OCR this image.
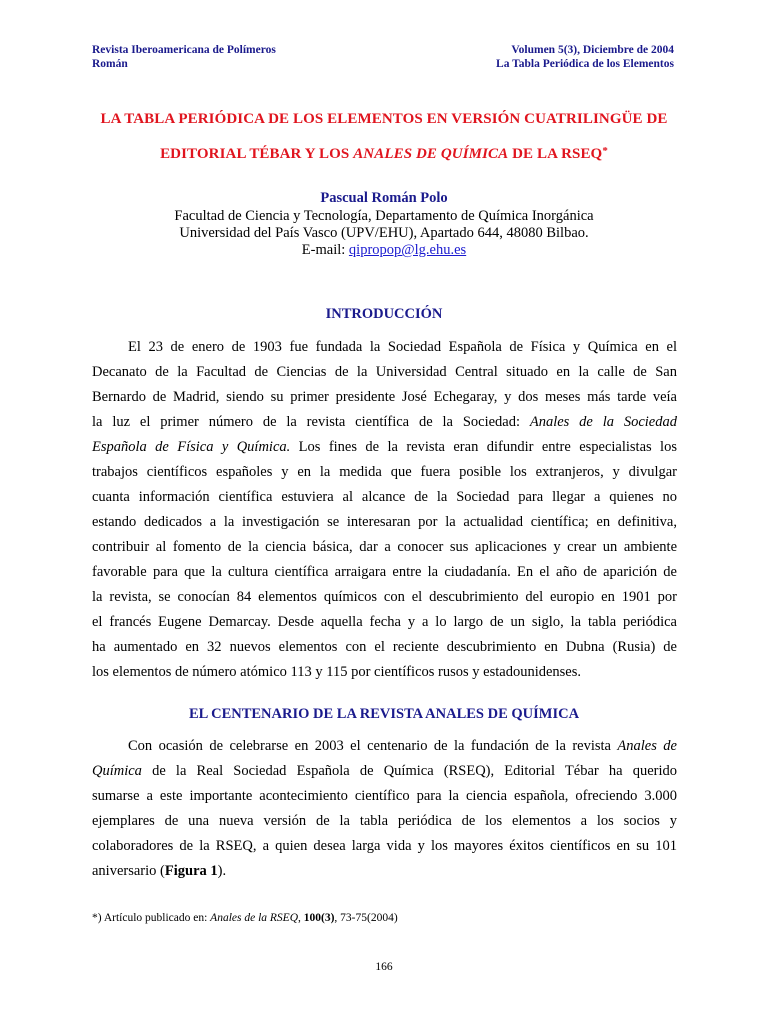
Revista Iberoamericana de Polímeros	Volumen 5(3), Diciembre de 2004
Román	La Tabla Periódica de los Elementos
LA TABLA PERIÓDICA DE LOS ELEMENTOS EN VERSIÓN CUATRILINGÜE DE
EDITORIAL TÉBAR Y LOS ANALES DE QUÍMICA DE LA RSEQ*
Pascual Román Polo
Facultad de Ciencia y Tecnología, Departamento de Química Inorgánica
Universidad del País Vasco (UPV/EHU), Apartado 644, 48080 Bilbao.
E-mail: qipropop@lg.ehu.es
INTRODUCCIÓN
El 23 de enero de 1903 fue fundada la Sociedad Española de Física y Química en el
Decanato de la Facultad de Ciencias de la Universidad Central situado en la calle de San
Bernardo de Madrid, siendo su primer presidente José Echegaray, y dos meses más tarde veía
la luz el primer número de la revista científica de la Sociedad: Anales de la Sociedad
Española de Física y Química. Los fines de la revista eran difundir entre especialistas los
trabajos científicos españoles y en la medida que fuera posible los extranjeros, y divulgar
cuanta información científica estuviera al alcance de la Sociedad para llegar a quienes no
estando dedicados a la investigación se interesaran por la actualidad científica; en definitiva,
contribuir al fomento de la ciencia básica, dar a conocer sus aplicaciones y crear un ambiente
favorable para que la cultura científica arraigara entre la ciudadanía. En el año de aparición de
la revista, se conocían 84 elementos químicos con el descubrimiento del europio en 1901 por
el francés Eugene Demarcay. Desde aquella fecha y a lo largo de un siglo, la tabla periódica
ha aumentado en 32 nuevos elementos con el reciente descubrimiento en Dubna (Rusia) de
los elementos de número atómico 113 y 115 por científicos rusos y estadounidenses.
EL CENTENARIO DE LA REVISTA ANALES DE QUÍMICA
Con ocasión de celebrarse en 2003 el centenario de la fundación de la revista Anales de
Química de la Real Sociedad Española de Química (RSEQ), Editorial Tébar ha querido
sumarse a este importante acontecimiento científico para la ciencia española, ofreciendo 3.000
ejemplares de una nueva versión de la tabla periódica de los elementos a los socios y
colaboradores de la RSEQ, a quien desea larga vida y los mayores éxitos científicos en su 101
aniversario (Figura 1).
*) Artículo publicado en: Anales de la RSEQ, 100(3), 73-75(2004)
166
